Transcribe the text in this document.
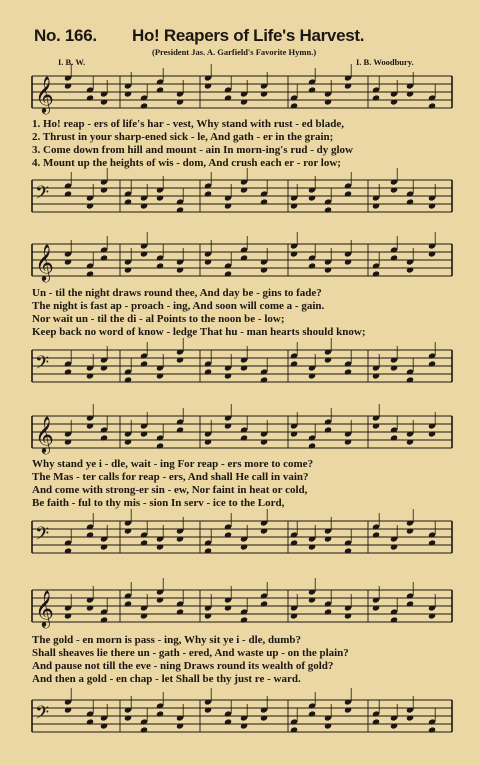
No. 166. Ho! Reapers of Life's Harvest.
(President Jas. A. Garfield's Favorite Hymn.)
I. B. W.	I. B. Woodbury.
𝄞
1. Ho! reap - ers of life's har - vest, Why stand with rust - ed blade,
2. Thrust in your sharp-ened sick - le, And gath - er in the grain;
3. Come down from hill and mount - ain In morn-ing's rud - dy glow
4. Mount up the heights of wis - dom, And crush each er - ror low;
𝄢
𝄞
Un - til the night draws round thee, And day be - gins to fade?
The night is fast ap - proach - ing, And soon will come a - gain.
Nor wait un - til the di - al Points to the noon be - low;
Keep back no word of know - ledge That hu - man hearts should know;
𝄢
𝄞
Why stand ye i - dle, wait - ing For reap - ers more to come?
The Mas - ter calls for reap - ers, And shall He call in vain?
And come with strong-er sin - ew, Nor faint in heat or cold,
Be faith - ful to thy mis - sion In serv - ice to the Lord,
𝄢
𝄞
The gold - en morn is pass - ing, Why sit ye i - dle, dumb?
Shall sheaves lie there un - gath - ered, And waste up - on the plain?
And pause not till the eve - ning Draws round its wealth of gold?
And then a gold - en chap - let Shall be thy just re - ward.
𝄢
